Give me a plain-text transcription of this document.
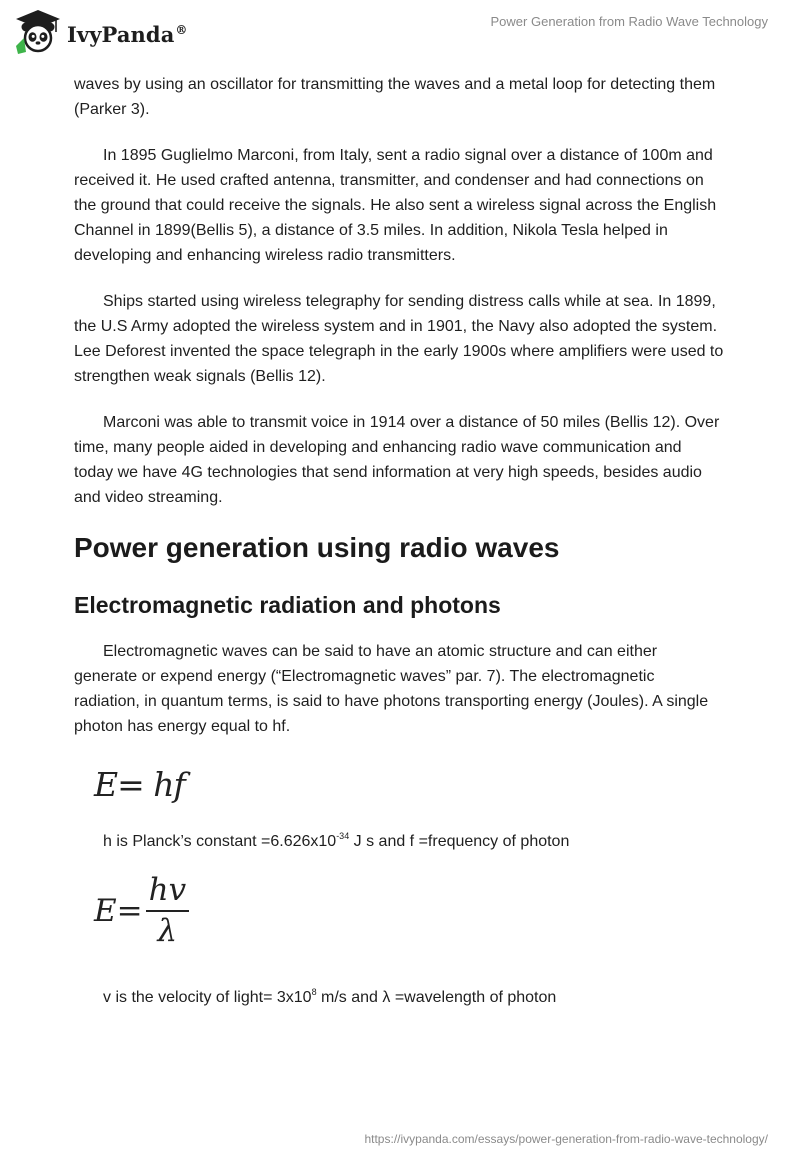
IvyPanda®
Power Generation from Radio Wave Technology

waves by using an oscillator for transmitting the waves and a metal loop for detecting them (Parker 3).

In 1895 Guglielmo Marconi, from Italy, sent a radio signal over a distance of 100m and received it. He used crafted antenna, transmitter, and condenser and had connections on the ground that could receive the signals. He also sent a wireless signal across the English Channel in 1899(Bellis 5), a distance of 3.5 miles. In addition, Nikola Tesla helped in developing and enhancing wireless radio transmitters.

Ships started using wireless telegraphy for sending distress calls while at sea. In 1899, the U.S Army adopted the wireless system and in 1901, the Navy also adopted the system. Lee Deforest invented the space telegraph in the early 1900s where amplifiers were used to strengthen weak signals (Bellis 12).

Marconi was able to transmit voice in 1914 over a distance of 50 miles (Bellis 12). Over time, many people aided in developing and enhancing radio wave communication and today we have 4G technologies that send information at very high speeds, besides audio and video streaming.

Power generation using radio waves
Electromagnetic radiation and photons

Electromagnetic waves can be said to have an atomic structure and can either generate or expend energy (“Electromagnetic waves” par. 7). The electromagnetic radiation, in quantum terms, is said to have photons transporting energy (Joules). A single photon has energy equal to hf.

E= hf
h is Planck’s constant $=6.626x10^{-34}$ J s and f =frequency of photon
$E= \frac{hv}{\lambda}$
v is the velocity of light= $3x10^8$ m/s and λ =wavelength of photon
https://ivypanda.com/essays/power-generation-from-radio-wave-technology/
